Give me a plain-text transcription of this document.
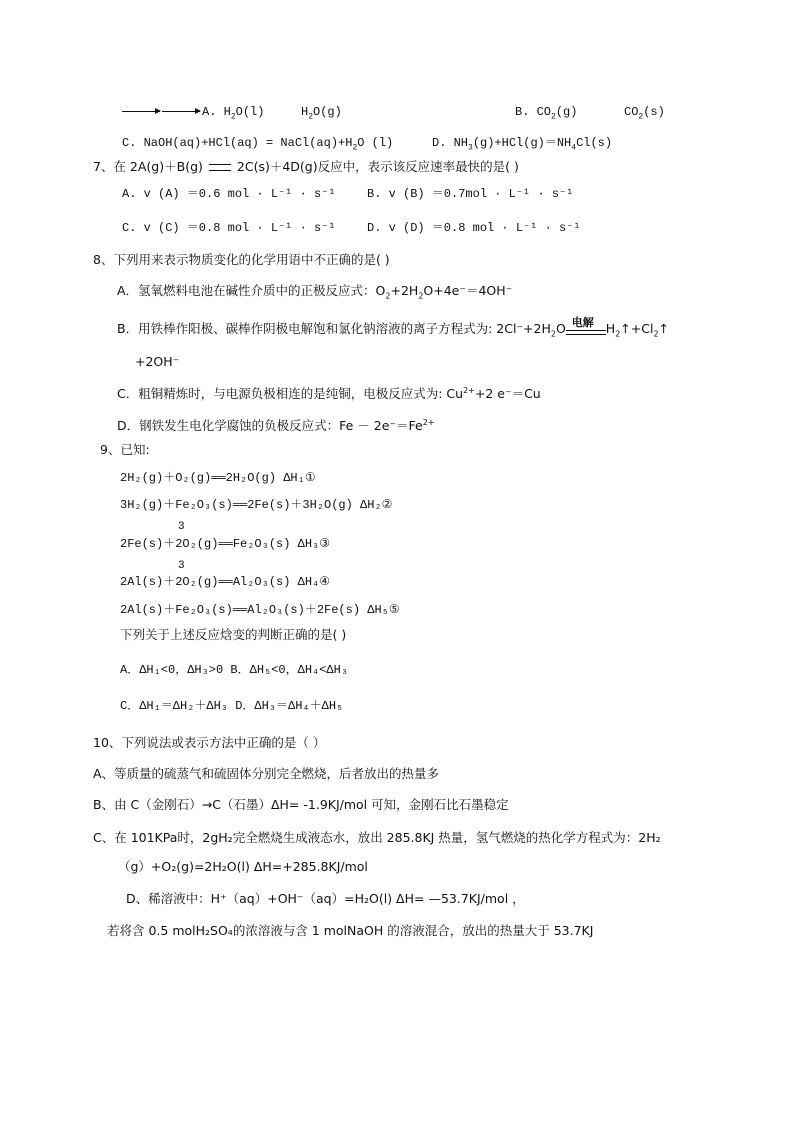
A. $H_2O(l)$	$H_2O(g)$	B. $CO_2(g)$	$CO_2(s)$
C. NaOH(aq)+HCl(aq) = $NaCl(aq)+H_2O$ (l)	D. $NH_3(g)+HCl(g)=NH_4Cl(s)$
7、在 2A(g)＋B(g)	2C(s)＋4D(g)反应中，表示该反应速率最快的是( )
A. v (A) ＝0.6 mol · L⁻¹ · s⁻¹	B. v (B) ＝0.7mol · L⁻¹ · s⁻¹
C. v (C) ＝0.8 mol · L⁻¹ · s⁻¹	D. v (D) ＝0.8 mol · L⁻¹ · s⁻¹
8、下列用来表示物质变化的化学用语中不正确的是( )
A．氢氧燃料电池在碱性介质中的正极反应式：$O_2+2H_2O+4e^-=4OH^-$
B．用铁棒作阳极、碳棒作阴极电解饱和氯化钠溶液的离子方程式为: $2Cl^-+2H_2O$ 电解 $H_2↑+Cl_2↑$
+2OH⁻
C．粗铜精炼时，与电源负极相连的是纯铜，电极反应式为: $Cu^{2+}+2$ e⁻＝Cu
D．钢铁发生电化学腐蚀的负极反应式：$Fe - 2e^-=Fe^{2+}$
9、已知:
2H₂(g)＋O₂(g)══2H₂O(g) ΔH₁①
3H₂(g)＋Fe₂O₃(s)══2Fe(s)＋3H₂O(g) ΔH₂②
3
2Fe(s)＋2O₂(g)══Fe₂O₃(s) ΔH₃③
3
2Al(s)＋2O₂(g)══Al₂O₃(s) ΔH₄④
2Al(s)＋Fe₂O₃(s)══Al₂O₃(s)＋2Fe(s) ΔH₅⑤
下列关于上述反应焓变的判断正确的是( )
A．ΔH₁<0，ΔH₃>0 B．ΔH₅<0，ΔH₄<ΔH₃
C．ΔH₁＝ΔH₂＋ΔH₃ D．ΔH₃＝ΔH₄＋ΔH₅
10、下列说法或表示方法中正确的是（ ）
A、等质量的硫蒸气和硫固体分别完全燃烧，后者放出的热量多
B、由 C（金刚石）→C（石墨）ΔH= -1.9KJ/mol 可知，金刚石比石墨稳定
C、在 101KPa时，2gH₂完全燃烧生成液态水，放出 285.8KJ 热量，氢气燃烧的热化学方程式为：2H₂
（g）+O₂(g)=2H₂O(l) ΔH=+285.8KJ/mol
D、稀溶液中：H⁺（aq）+OH⁻（aq）=H₂O(l) ΔH= —53.7KJ/mol ，
若将含 0.5 molH₂SO₄的浓溶液与含 1 molNaOH 的溶液混合，放出的热量大于 53.7KJ
